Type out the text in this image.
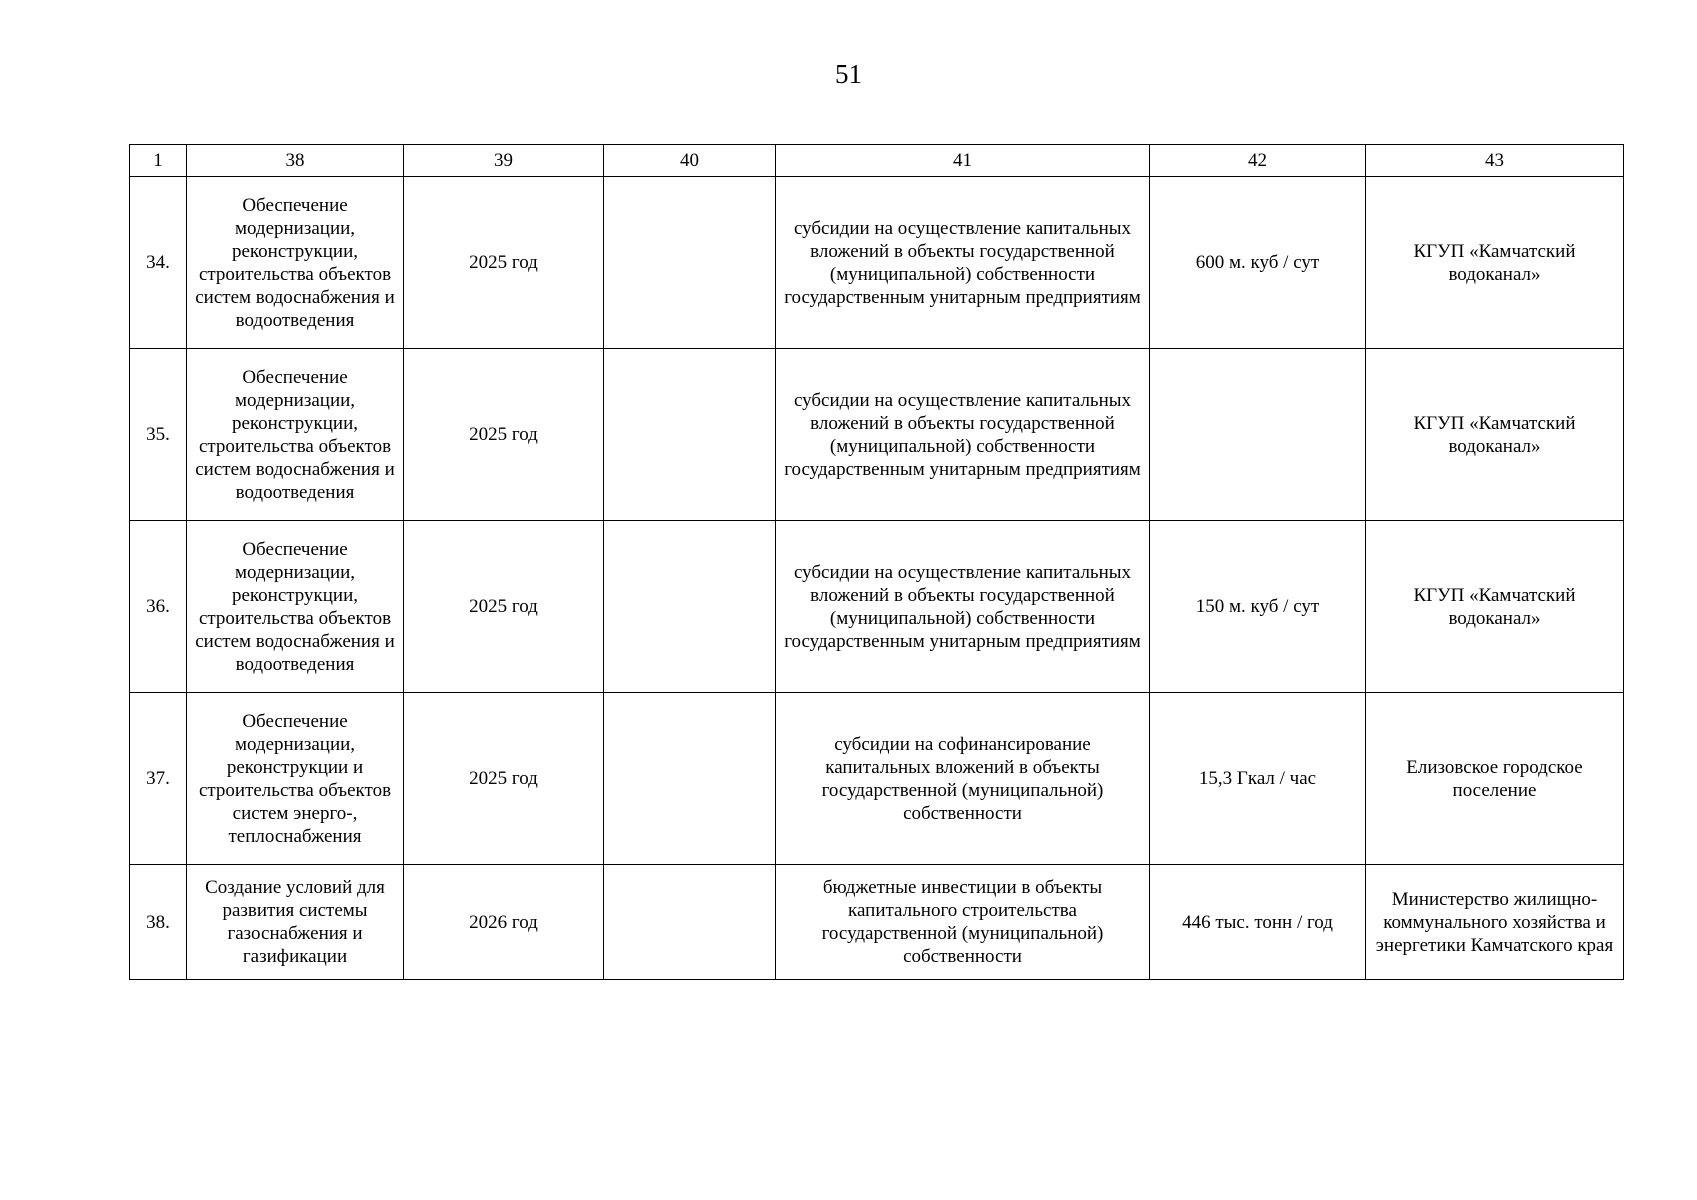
51
1	38	39	40	41	42	43
34.	Обеспечение модернизации, реконструкции, строительства объектов систем водоснабжения и водоотведения	2025 год		субсидии на осуществление капитальных вложений в объекты государственной (муниципальной) собственности государственным унитарным предприятиям	600 м. куб / сут	КГУП «Камчатский водоканал»
35.	Обеспечение модернизации, реконструкции, строительства объектов систем водоснабжения и водоотведения	2025 год		субсидии на осуществление капитальных вложений в объекты государственной (муниципальной) собственности государственным унитарным предприятиям		КГУП «Камчатский водоканал»
36.	Обеспечение модернизации, реконструкции, строительства объектов систем водоснабжения и водоотведения	2025 год		субсидии на осуществление капитальных вложений в объекты государственной (муниципальной) собственности государственным унитарным предприятиям	150 м. куб / сут	КГУП «Камчатский водоканал»
37.	Обеспечение модернизации, реконструкции и строительства объектов систем энерго-, теплоснабжения	2025 год		субсидии на софинансирование капитальных вложений в объекты государственной (муниципальной) собственности	15,3 Гкал / час	Елизовское городское поселение
38.	Создание условий для развития системы газоснабжения и газификации	2026 год		бюджетные инвестиции в объекты капитального строительства государственной (муниципальной) собственности	446 тыс. тонн / год	Министерство жилищно-коммунального хозяйства и энергетики Камчатского края
